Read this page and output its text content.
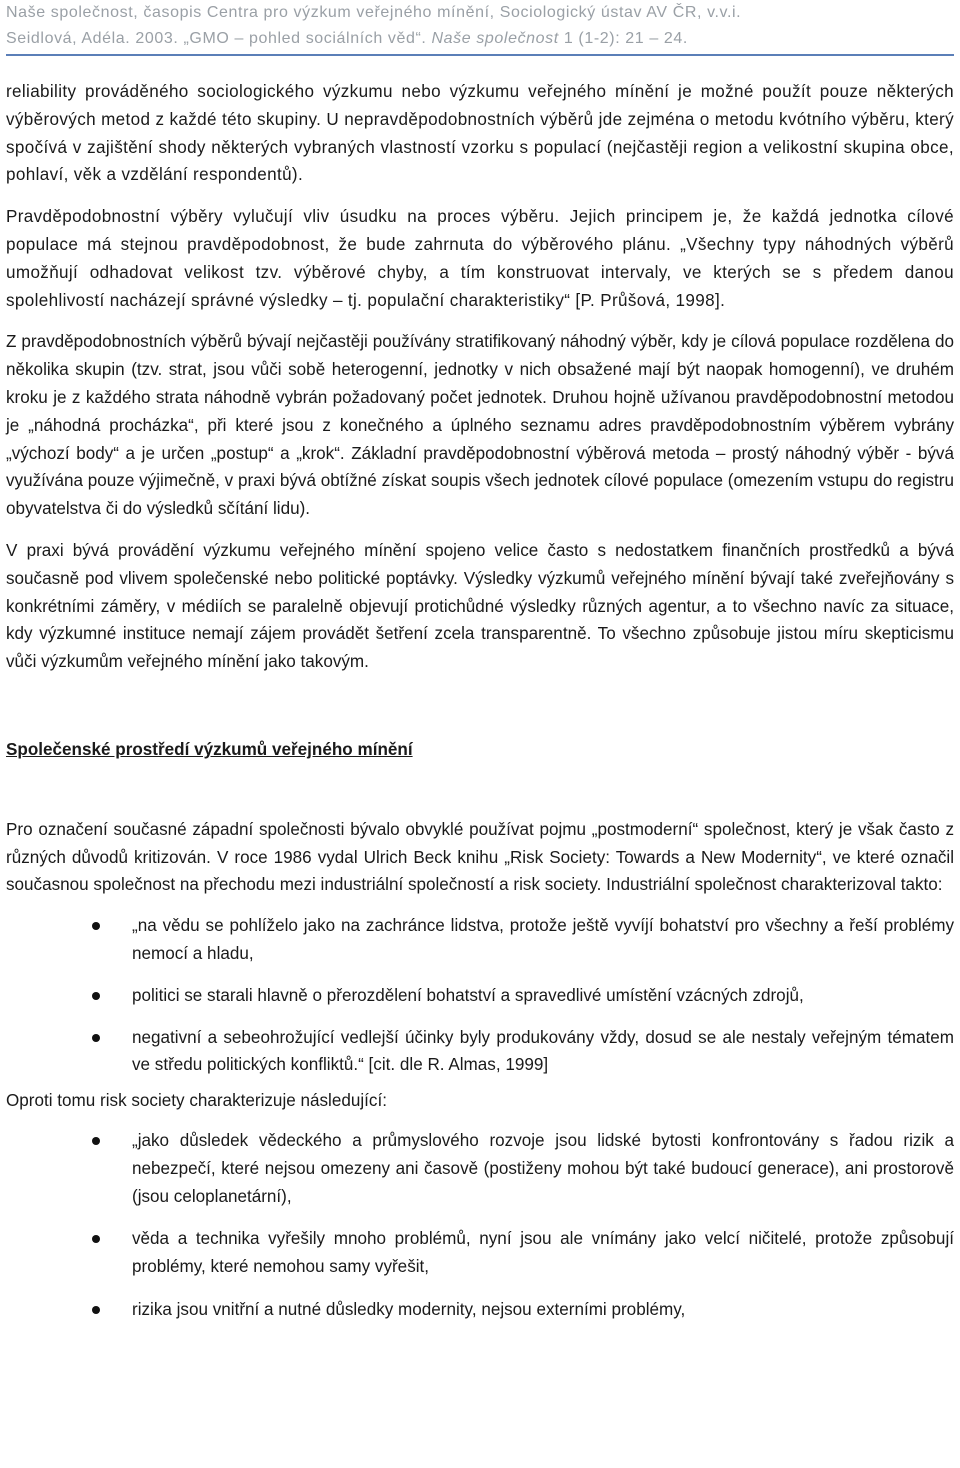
Naše společnost, časopis Centra pro výzkum veřejného mínění, Sociologický ústav AV ČR, v.v.i.
Seidlová, Adéla. 2003. „GMO – pohled sociálních věd“. Naše společnost 1 (1-2): 21 – 24.

reliability prováděného sociologického výzkumu nebo výzkumu veřejného mínění je možné použít pouze některých výběrových metod z každé této skupiny. U nepravděpodobnostních výběrů jde zejména o metodu kvótního výběru, který spočívá v zajištění shody některých vybraných vlastností vzorku s populací (nejčastěji region a velikostní skupina obce, pohlaví, věk a vzdělání respondentů).

Pravděpodobnostní výběry vylučují vliv úsudku na proces výběru. Jejich principem je, že každá jednotka cílové populace má stejnou pravděpodobnost, že bude zahrnuta do výběrového plánu. „Všechny typy náhodných výběrů umožňují odhadovat velikost tzv. výběrové chyby, a tím konstruovat intervaly, ve kterých se s předem danou spolehlivostí nacházejí správné výsledky – tj. populační charakteristiky“ [P. Průšová, 1998].

Z pravděpodobnostních výběrů bývají nejčastěji používány stratifikovaný náhodný výběr, kdy je cílová populace rozdělena do několika skupin (tzv. strat, jsou vůči sobě heterogenní, jednotky v nich obsažené mají být naopak homogenní), ve druhém kroku je z každého strata náhodně vybrán požadovaný počet jednotek. Druhou hojně užívanou pravděpodobnostní metodou je „náhodná procházka“, při které jsou z konečného a úplného seznamu adres pravděpodobnostním výběrem vybrány „výchozí body“ a je určen „postup“ a „krok“. Základní pravděpodobnostní výběrová metoda – prostý náhodný výběr - bývá využívána pouze výjimečně, v praxi bývá obtížné získat soupis všech jednotek cílové populace (omezením vstupu do registru obyvatelstva či do výsledků sčítání lidu).

V praxi bývá provádění výzkumu veřejného mínění spojeno velice často s nedostatkem finančních prostředků a bývá současně pod vlivem společenské nebo politické poptávky. Výsledky výzkumů veřejného mínění bývají také zveřejňovány s konkrétními záměry, v médiích se paralelně objevují protichůdné výsledky různých agentur, a to všechno navíc za situace, kdy výzkumné instituce nemají zájem provádět šetření zcela transparentně. To všechno způsobuje jistou míru skepticismu vůči výzkumům veřejného mínění jako takovým.

Společenské prostředí výzkumů veřejného mínění

Pro označení současné západní společnosti bývalo obvyklé používat pojmu „postmoderní“ společnost, který je však často z různých důvodů kritizován. V roce 1986 vydal Ulrich Beck knihu „Risk Society: Towards a New Modernity“, ve které označil současnou společnost na přechodu mezi industriální společností a risk society. Industriální společnost charakterizoval takto:

„na vědu se pohlíželo jako na zachránce lidstva, protože ještě vyvíjí bohatství pro všechny a řeší problémy nemocí a hladu,
politici se starali hlavně o přerozdělení bohatství a spravedlivé umístění vzácných zdrojů,
negativní a sebeohrožující vedlejší účinky byly produkovány vždy, dosud se ale nestaly veřejným tématem ve středu politických konfliktů.“ [cit. dle R. Almas, 1999]

Oproti tomu risk society charakterizuje následující:

„jako důsledek vědeckého a průmyslového rozvoje jsou lidské bytosti konfrontovány s řadou rizik a nebezpečí, které nejsou omezeny ani časově (postiženy mohou být také budoucí generace), ani prostorově (jsou celoplanetární),
věda a technika vyřešily mnoho problémů, nyní jsou ale vnímány jako velcí ničitelé, protože způsobují problémy, které nemohou samy vyřešit,
rizika jsou vnitřní a nutné důsledky modernity, nejsou externími problémy,
